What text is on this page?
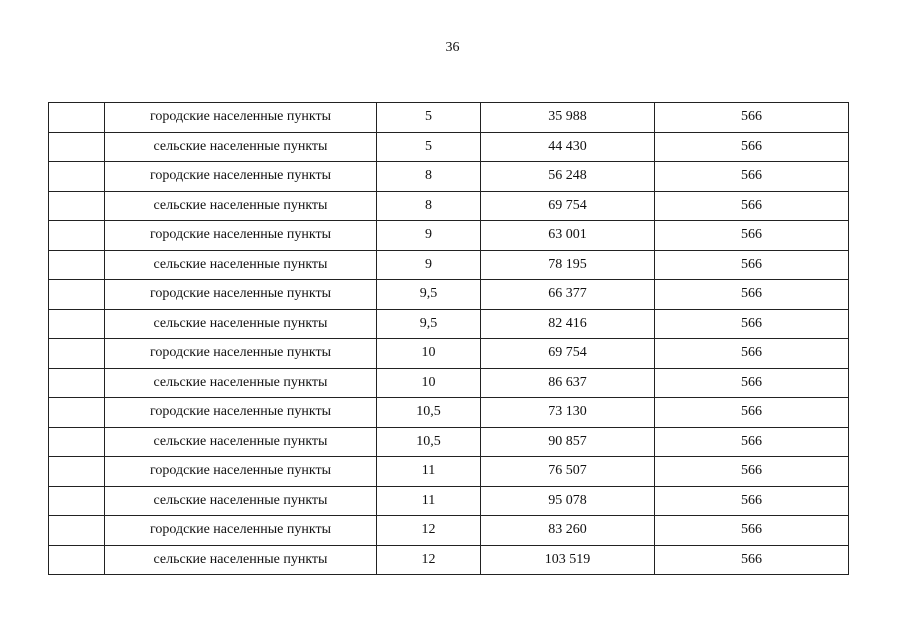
36
	городские населенные пункты	5	35 988	566
	сельские населенные пункты	5	44 430	566
	городские населенные пункты	8	56 248	566
	сельские населенные пункты	8	69 754	566
	городские населенные пункты	9	63 001	566
	сельские населенные пункты	9	78 195	566
	городские населенные пункты	9,5	66 377	566
	сельские населенные пункты	9,5	82 416	566
	городские населенные пункты	10	69 754	566
	сельские населенные пункты	10	86 637	566
	городские населенные пункты	10,5	73 130	566
	сельские населенные пункты	10,5	90 857	566
	городские населенные пункты	11	76 507	566
	сельские населенные пункты	11	95 078	566
	городские населенные пункты	12	83 260	566
	сельские населенные пункты	12	103 519	566
